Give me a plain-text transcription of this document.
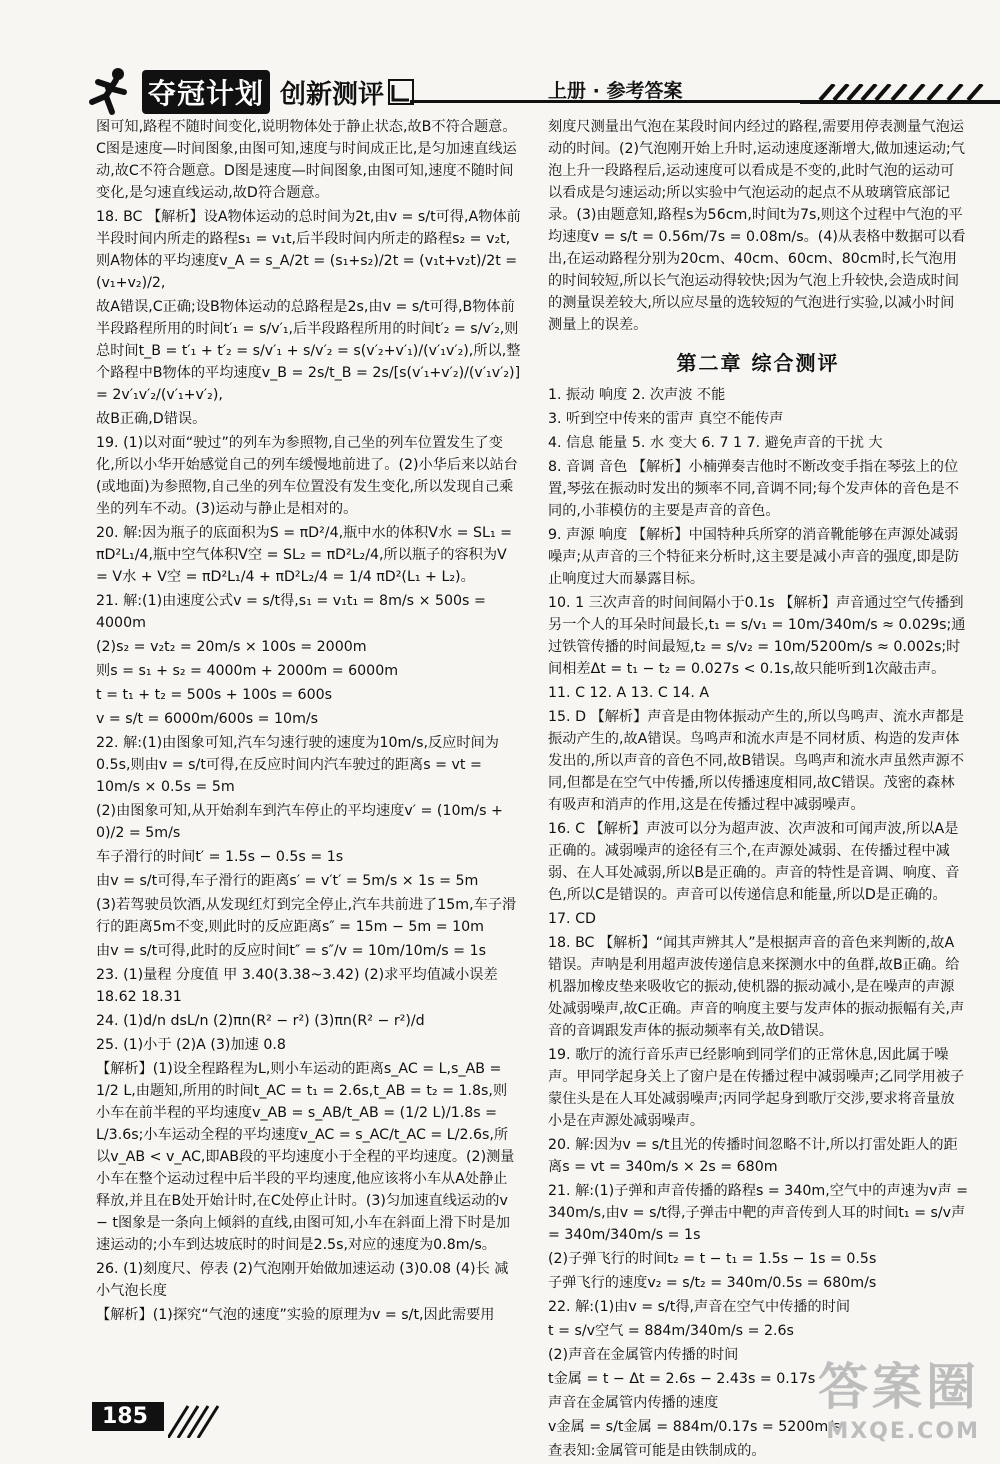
夺冠计划 创新测评	上册 · 参考答案

图可知,路程不随时间变化,说明物体处于静止状态,故B不符合题意。C图是速度—时间图象,由图可知,速度与时间成正比,是匀加速直线运动,故C不符合题意。D图是速度—时间图象,由图可知,速度不随时间变化,是匀速直线运动,故D符合题意。

18. BC 【解析】设A物体运动的总时间为2t,由v = s/t可得,A物体前半段时间内所走的路程s₁ = v₁t,后半段时间内所走的路程s₂ = v₂t,则A物体的平均速度v_A = s_A/2t = (s₁+s₂)/2t = (v₁t+v₂t)/2t = (v₁+v₂)/2,

故A错误,C正确;设B物体运动的总路程是2s,由v = s/t可得,B物体前半段路程所用的时间t′₁ = s/v′₁,后半段路程所用的时间t′₂ = s/v′₂,则总时间t_B = t′₁ + t′₂ = s/v′₁ + s/v′₂ = s(v′₂+v′₁)/(v′₁v′₂),所以,整个路程中B物体的平均速度v_B = 2s/t_B = 2s/[s(v′₁+v′₂)/(v′₁v′₂)] = 2v′₁v′₂/(v′₁+v′₂),

故B正确,D错误。

19. (1)以对面“驶过”的列车为参照物,自己坐的列车位置发生了变化,所以小华开始感觉自己的列车缓慢地前进了。(2)小华后来以站台(或地面)为参照物,自己坐的列车位置没有发生变化,所以发现自己乘坐的列车不动。(3)运动与静止是相对的。

20. 解:因为瓶子的底面积为S = πD²/4,瓶中水的体积V水 = SL₁ = πD²L₁/4,瓶中空气体积V空 = SL₂ = πD²L₂/4,所以瓶子的容积为V = V水 + V空 = πD²L₁/4 + πD²L₂/4 = 1/4 πD²(L₁ + L₂)。

21. 解:(1)由速度公式v = s/t得,s₁ = v₁t₁ = 8m/s × 500s = 4000m

(2)s₂ = v₂t₂ = 20m/s × 100s = 2000m

则s = s₁ + s₂ = 4000m + 2000m = 6000m

t = t₁ + t₂ = 500s + 100s = 600s

v = s/t = 6000m/600s = 10m/s

22. 解:(1)由图象可知,汽车匀速行驶的速度为10m/s,反应时间为0.5s,则由v = s/t可得,在反应时间内汽车驶过的距离s = vt = 10m/s × 0.5s = 5m

(2)由图象可知,从开始刹车到汽车停止的平均速度v′ = (10m/s + 0)/2 = 5m/s

车子滑行的时间t′ = 1.5s − 0.5s = 1s

由v = s/t可得,车子滑行的距离s′ = v′t′ = 5m/s × 1s = 5m

(3)若驾驶员饮酒,从发现红灯到完全停止,汽车共前进了15m,车子滑行的距离5m不变,则此时的反应距离s″ = 15m − 5m = 10m

由v = s/t可得,此时的反应时间t″ = s″/v = 10m/10m/s = 1s

23. (1)量程 分度值 甲 3.40(3.38~3.42) (2)求平均值减小误差 18.62 18.31

24. (1)d/n dsL/n (2)πn(R² − r²) (3)πn(R² − r²)/d

25. (1)小于 (2)A (3)加速 0.8

【解析】(1)设全程路程为L,则小车运动的距离s_AC = L,s_AB = 1/2 L,由题知,所用的时间t_AC = t₁ = 2.6s,t_AB = t₂ = 1.8s,则小车在前半程的平均速度v_AB = s_AB/t_AB = (1/2 L)/1.8s = L/3.6s;小车运动全程的平均速度v_AC = s_AC/t_AC = L/2.6s,所以v_AB < v_AC,即AB段的平均速度小于全程的平均速度。(2)测量小车在整个运动过程中后半段的平均速度,他应该将小车从A处静止释放,并且在B处开始计时,在C处停止计时。(3)匀加速直线运动的v − t图象是一条向上倾斜的直线,由图可知,小车在斜面上滑下时是加速运动的;小车到达坡底时的时间是2.5s,对应的速度为0.8m/s。

26. (1)刻度尺、停表 (2)气泡刚开始做加速运动 (3)0.08 (4)长 减小气泡长度

【解析】(1)探究“气泡的速度”实验的原理为v = s/t,因此需要用

刻度尺测量出气泡在某段时间内经过的路程,需要用停表测量气泡运动的时间。(2)气泡刚开始上升时,运动速度逐渐增大,做加速运动;气泡上升一段路程后,运动速度可以看成是不变的,此时气泡的运动可以看成是匀速运动;所以实验中气泡运动的起点不从玻璃管底部记录。(3)由题意知,路程s为56cm,时间t为7s,则这个过程中气泡的平均速度v = s/t = 0.56m/7s = 0.08m/s。(4)从表格中数据可以看出,在运动路程分别为20cm、40cm、60cm、80cm时,长气泡用的时间较短,所以长气泡运动得较快;因为气泡上升较快,会造成时间的测量误差较大,所以应尽量的选较短的气泡进行实验,以减小时间测量上的误差。

第二章 综合测评

1. 振动 响度 2. 次声波 不能

3. 听到空中传来的雷声 真空不能传声

4. 信息 能量 5. 水 变大 6. 7 1 7. 避免声音的干扰 大

8. 音调 音色 【解析】小楠弹奏吉他时不断改变手指在琴弦上的位置,琴弦在振动时发出的频率不同,音调不同;每个发声体的音色是不同的,小菲模仿的主要是声音的音色。

9. 声源 响度 【解析】中国特种兵所穿的消音靴能够在声源处减弱噪声;从声音的三个特征来分析时,这主要是减小声音的强度,即是防止响度过大而暴露目标。

10. 1 三次声音的时间间隔小于0.1s 【解析】声音通过空气传播到另一个人的耳朵时间最长,t₁ = s/v₁ = 10m/340m/s ≈ 0.029s;通过铁管传播的时间最短,t₂ = s/v₂ = 10m/5200m/s ≈ 0.002s;时间相差Δt = t₁ − t₂ = 0.027s < 0.1s,故只能听到1次敲击声。

11. C 12. A 13. C 14. A

15. D 【解析】声音是由物体振动产生的,所以鸟鸣声、流水声都是振动产生的,故A错误。鸟鸣声和流水声是不同材质、构造的发声体发出的,所以声音的音色不同,故B错误。鸟鸣声和流水声虽然声源不同,但都是在空气中传播,所以传播速度相同,故C错误。茂密的森林有吸声和消声的作用,这是在传播过程中减弱噪声。

16. C 【解析】声波可以分为超声波、次声波和可闻声波,所以A是正确的。减弱噪声的途径有三个,在声源处减弱、在传播过程中减弱、在人耳处减弱,所以B是正确的。声音的特性是音调、响度、音色,所以C是错误的。声音可以传递信息和能量,所以D是正确的。

17. CD

18. BC 【解析】“闻其声辨其人”是根据声音的音色来判断的,故A错误。声呐是利用超声波传递信息来探测水中的鱼群,故B正确。给机器加橡皮垫来吸收它的振动,使机器的振动减小,是在噪声的声源处减弱噪声,故C正确。声音的响度主要与发声体的振动振幅有关,声音的音调跟发声体的振动频率有关,故D错误。

19. 歌厅的流行音乐声已经影响到同学们的正常休息,因此属于噪声。甲同学起身关上了窗户是在传播过程中减弱噪声;乙同学用被子蒙住头是在人耳处减弱噪声;丙同学起身到歌厅交涉,要求将音量放小是在声源处减弱噪声。

20. 解:因为v = s/t且光的传播时间忽略不计,所以打雷处距人的距离s = vt = 340m/s × 2s = 680m

21. 解:(1)子弹和声音传播的路程s = 340m,空气中的声速为v声 = 340m/s,由v = s/t得,子弹击中靶的声音传到人耳的时间t₁ = s/v声 = 340m/340m/s = 1s

(2)子弹飞行的时间t₂ = t − t₁ = 1.5s − 1s = 0.5s

子弹飞行的速度v₂ = s/t₂ = 340m/0.5s = 680m/s

22. 解:(1)由v = s/t得,声音在空气中传播的时间

t = s/v空气 = 884m/340m/s = 2.6s

(2)声音在金属管内传播的时间

t金属 = t − Δt = 2.6s − 2.43s = 0.17s

声音在金属管内传播的速度

v金属 = s/t金属 = 884m/0.17s = 5200m/s

查表知:金属管可能是由铁制成的。

185
答案圈
MXQE.COM
